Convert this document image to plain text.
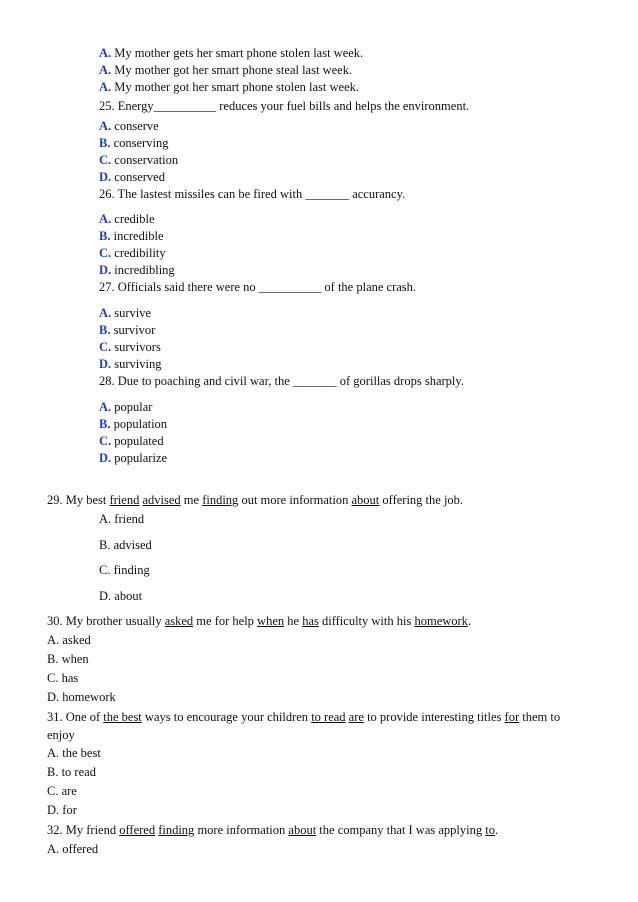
A. My mother gets her smart phone stolen last week.
A. My mother got her smart phone steal last week.
A. My mother got her smart phone stolen last week.
25. Energy__________ reduces your fuel bills and helps the environment.
A. conserve
B. conserving
C. conservation
D. conserved
26. The lastest missiles can be fired with _______ accurancy.
A. credible
B. incredible
C. credibility
D. incredibling
27. Officials said there were no __________ of the plane crash.
A. survive
B. survivor
C. survivors
D. surviving
28. Due to poaching and civil war, the _______ of gorillas drops sharply.
A. popular
B. population
C. populated
D. popularize
29. My best friend advised me finding out more information about offering the job.
A. friend
B. advised
C. finding
D. about
30. My brother usually asked me for help when he has difficulty with his homework.
A. asked
B. when
C. has
D. homework
31. One of the best ways to encourage your children to read are to provide interesting titles for them to
enjoy
A. the best
B. to read
C. are
D. for
32. My friend offered finding more information about the company that I was applying to.
A. offered
